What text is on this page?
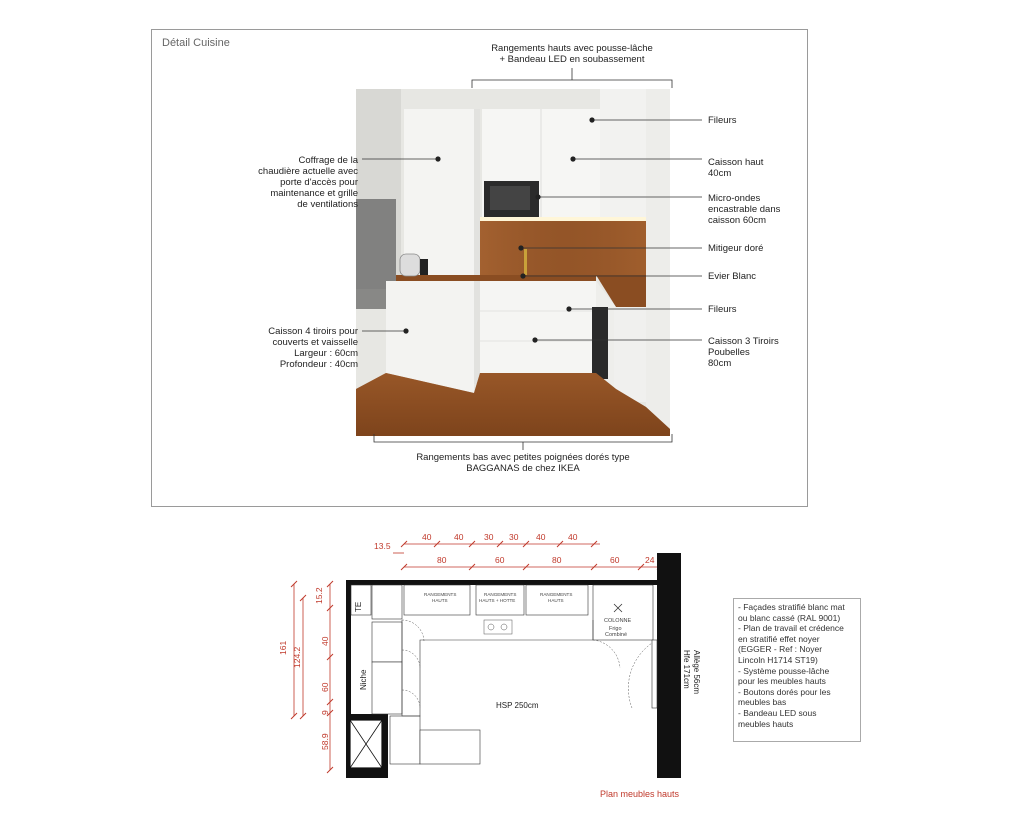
Détail Cuisine	Rangements hauts avec pousse-lâche
+ Bandeau LED en soubassement
Coffrage de la
chaudière actuelle avec
porte d'accès pour
maintenance et grille
de ventilations
Caisson 4 tiroirs pour
couverts et vaisselle
Largeur : 60cm
Profondeur : 40cm
Fileurs
Caisson haut
40cm
Micro-ondes
encastrable dans
caisson 60cm
Mitigeur doré
Evier Blanc
Fileurs
Caisson 3 Tiroirs
Poubelles
80cm
Rangements bas avec petites poignées dorés type
BAGGANAS de chez IKEA
40	40 30 30 40	40
80	60	80	60	24
13.5
161 124.2
15.2
40
60
9
58.9
RANGEMENTS
HAUTS
RANGEMENTS
HAUTS + HOTTE
RANGEMENTS
HAUTS
COLONNE
Frigo
Combiné
HSP 250cm
TE
Niche	Hfe 171cm Allège 56cm
Plan meubles hauts
- Façades stratifié blanc mat
ou blanc cassé (RAL 9001)
- Plan de travail et crédence
en stratifié effet noyer
(EGGER - Ref : Noyer
Lincoln H1714 ST19)
- Système pousse-lâche
pour les meubles hauts
- Boutons dorés pour les
meubles bas
- Bandeau LED sous
meubles hauts
